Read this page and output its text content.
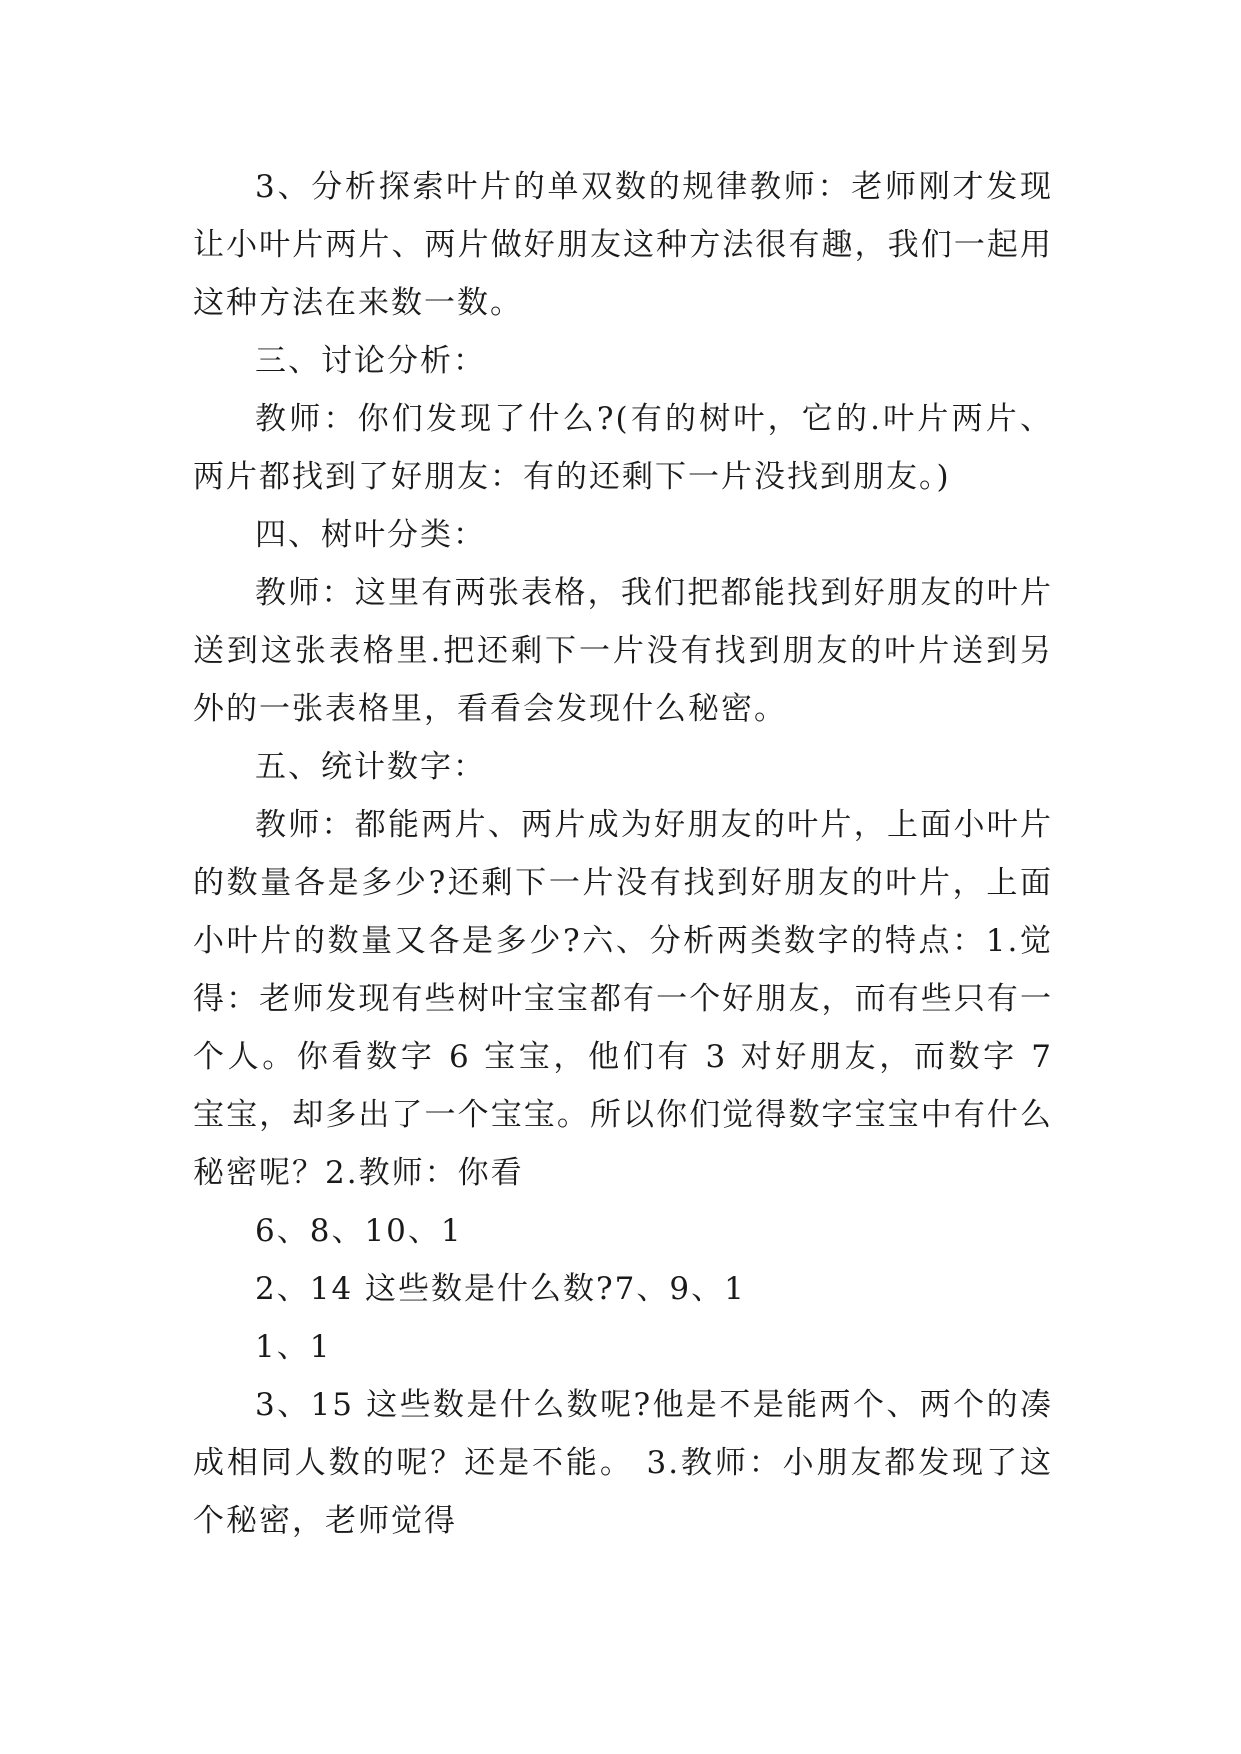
3、分析探索叶片的单双数的规律教师：老师刚才发现让小叶片两片、两片做好朋友这种方法很有趣，我们一起用这种方法在来数一数。

三、讨论分析：

教师：你们发现了什么?(有的树叶，它的.叶片两片、两片都找到了好朋友：有的还剩下一片没找到朋友。)

四、树叶分类：

教师：这里有两张表格，我们把都能找到好朋友的叶片送到这张表格里.把还剩下一片没有找到朋友的叶片送到另外的一张表格里，看看会发现什么秘密。

五、统计数字：

教师：都能两片、两片成为好朋友的叶片，上面小叶片的数量各是多少?还剩下一片没有找到好朋友的叶片，上面小叶片的数量又各是多少?六、分析两类数字的特点：1.觉得：老师发现有些树叶宝宝都有一个好朋友，而有些只有一个人。你看数字 6 宝宝，他们有 3 对好朋友，而数字 7 宝宝，却多出了一个宝宝。所以你们觉得数字宝宝中有什么秘密呢？2.教师：你看

6、8、10、1

2、14 这些数是什么数?7、9、1

1、1

3、15 这些数是什么数呢?他是不是能两个、两个的凑成相同人数的呢？还是不能。 3.教师：小朋友都发现了这个秘密，老师觉得
